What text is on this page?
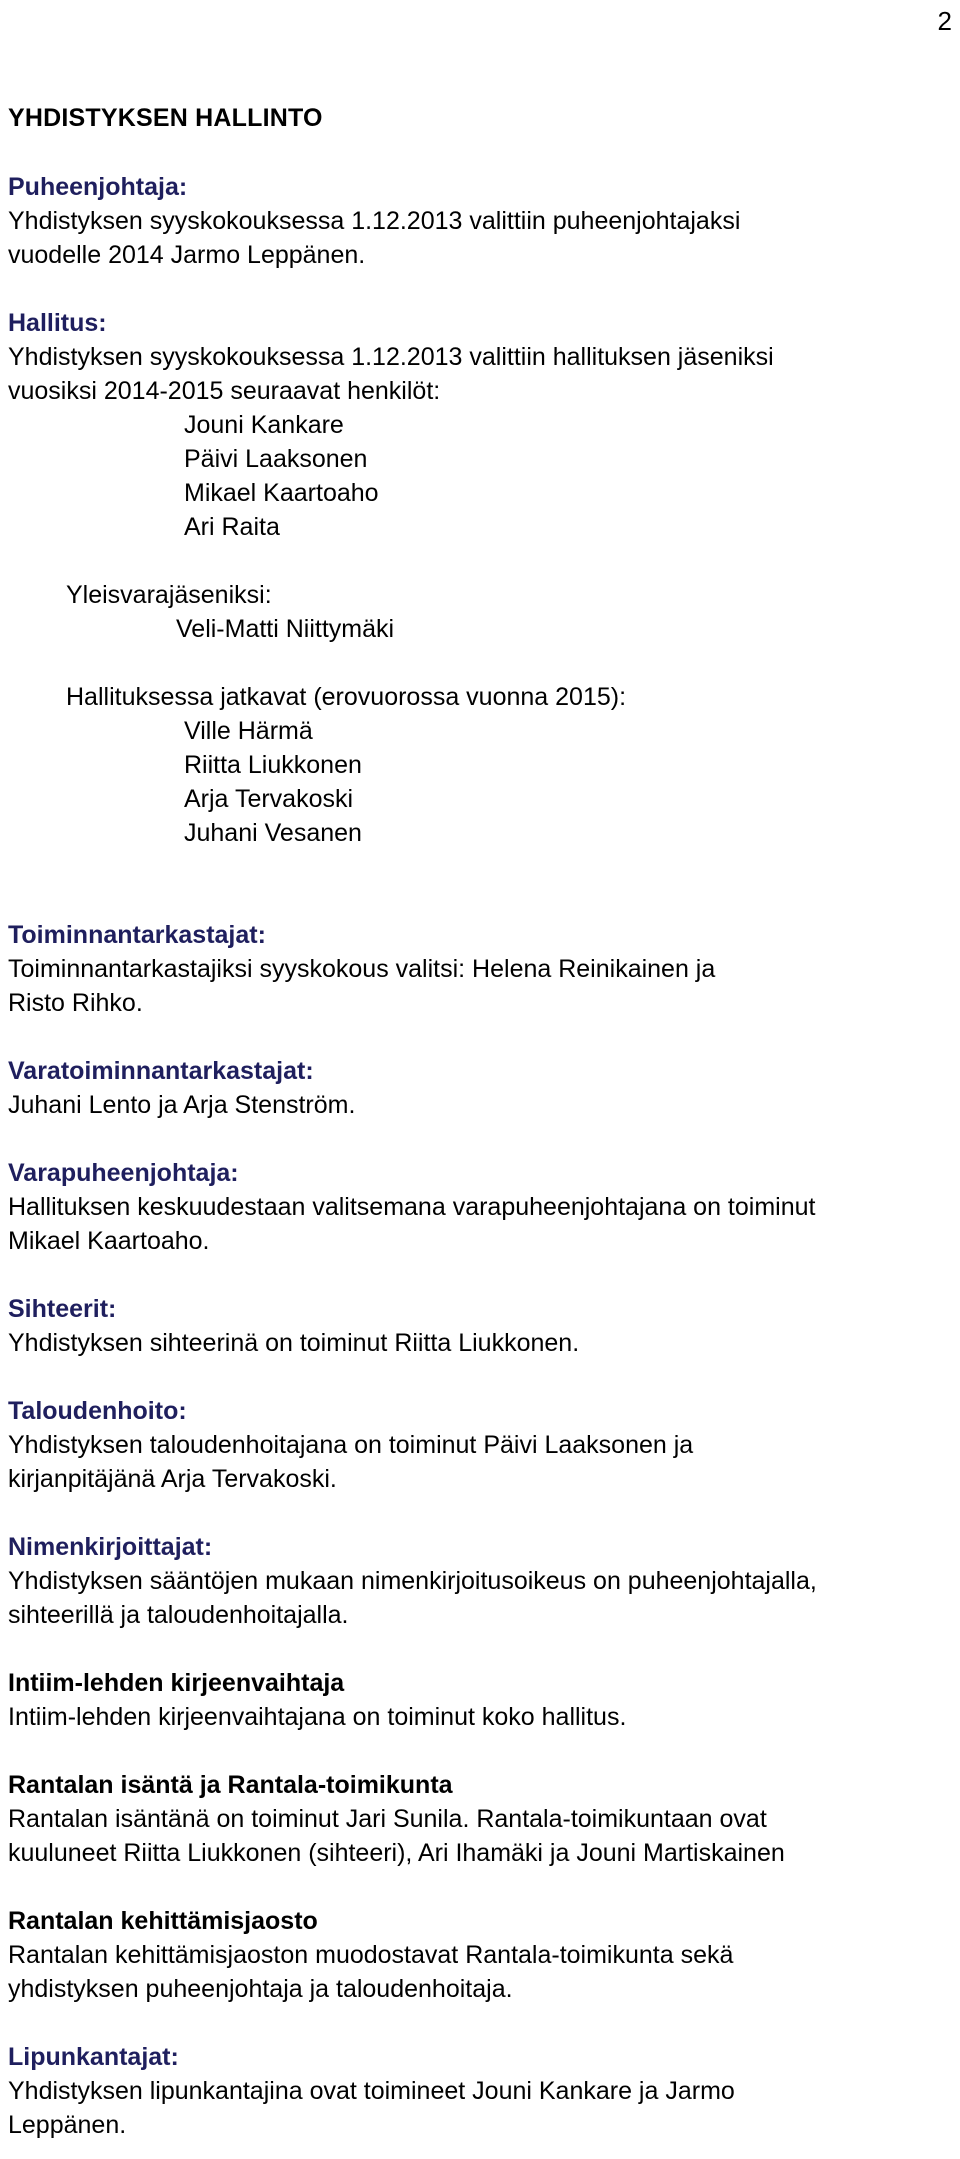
2
YHDISTYKSEN HALLINTO
Puheenjohtaja:
Yhdistyksen syyskokouksessa 1.12.2013 valittiin puheenjohtajaksi
vuodelle 2014 Jarmo Leppänen.
Hallitus:
Yhdistyksen syyskokouksessa 1.12.2013 valittiin hallituksen jäseniksi
vuosiksi 2014-2015 seuraavat henkilöt:
Jouni Kankare
Päivi Laaksonen
Mikael Kaartoaho
Ari Raita
Yleisvarajäseniksi:
Veli-Matti Niittymäki
Hallituksessa jatkavat (erovuorossa vuonna 2015):
Ville Härmä
Riitta Liukkonen
Arja Tervakoski
Juhani Vesanen
Toiminnantarkastajat:
Toiminnantarkastajiksi syyskokous valitsi: Helena Reinikainen ja
Risto Rihko.
Varatoiminnantarkastajat:
Juhani Lento ja Arja Stenström.
Varapuheenjohtaja:
Hallituksen keskuudestaan valitsemana varapuheenjohtajana on toiminut
Mikael Kaartoaho.
Sihteerit:
Yhdistyksen sihteerinä on toiminut Riitta Liukkonen.
Taloudenhoito:
Yhdistyksen taloudenhoitajana on toiminut Päivi Laaksonen ja
kirjanpitäjänä Arja Tervakoski.
Nimenkirjoittajat:
Yhdistyksen sääntöjen mukaan nimenkirjoitusoikeus on puheenjohtajalla,
sihteerillä ja taloudenhoitajalla.
Intiim-lehden kirjeenvaihtaja
Intiim-lehden kirjeenvaihtajana on toiminut koko hallitus.
Rantalan isäntä ja Rantala-toimikunta
Rantalan isäntänä on toiminut Jari Sunila. Rantala-toimikuntaan ovat
kuuluneet Riitta Liukkonen (sihteeri), Ari Ihamäki ja Jouni Martiskainen
Rantalan kehittämisjaosto
Rantalan kehittämisjaoston muodostavat Rantala-toimikunta sekä
yhdistyksen puheenjohtaja ja taloudenhoitaja.
Lipunkantajat:
Yhdistyksen lipunkantajina ovat toimineet Jouni Kankare ja Jarmo
Leppänen.
